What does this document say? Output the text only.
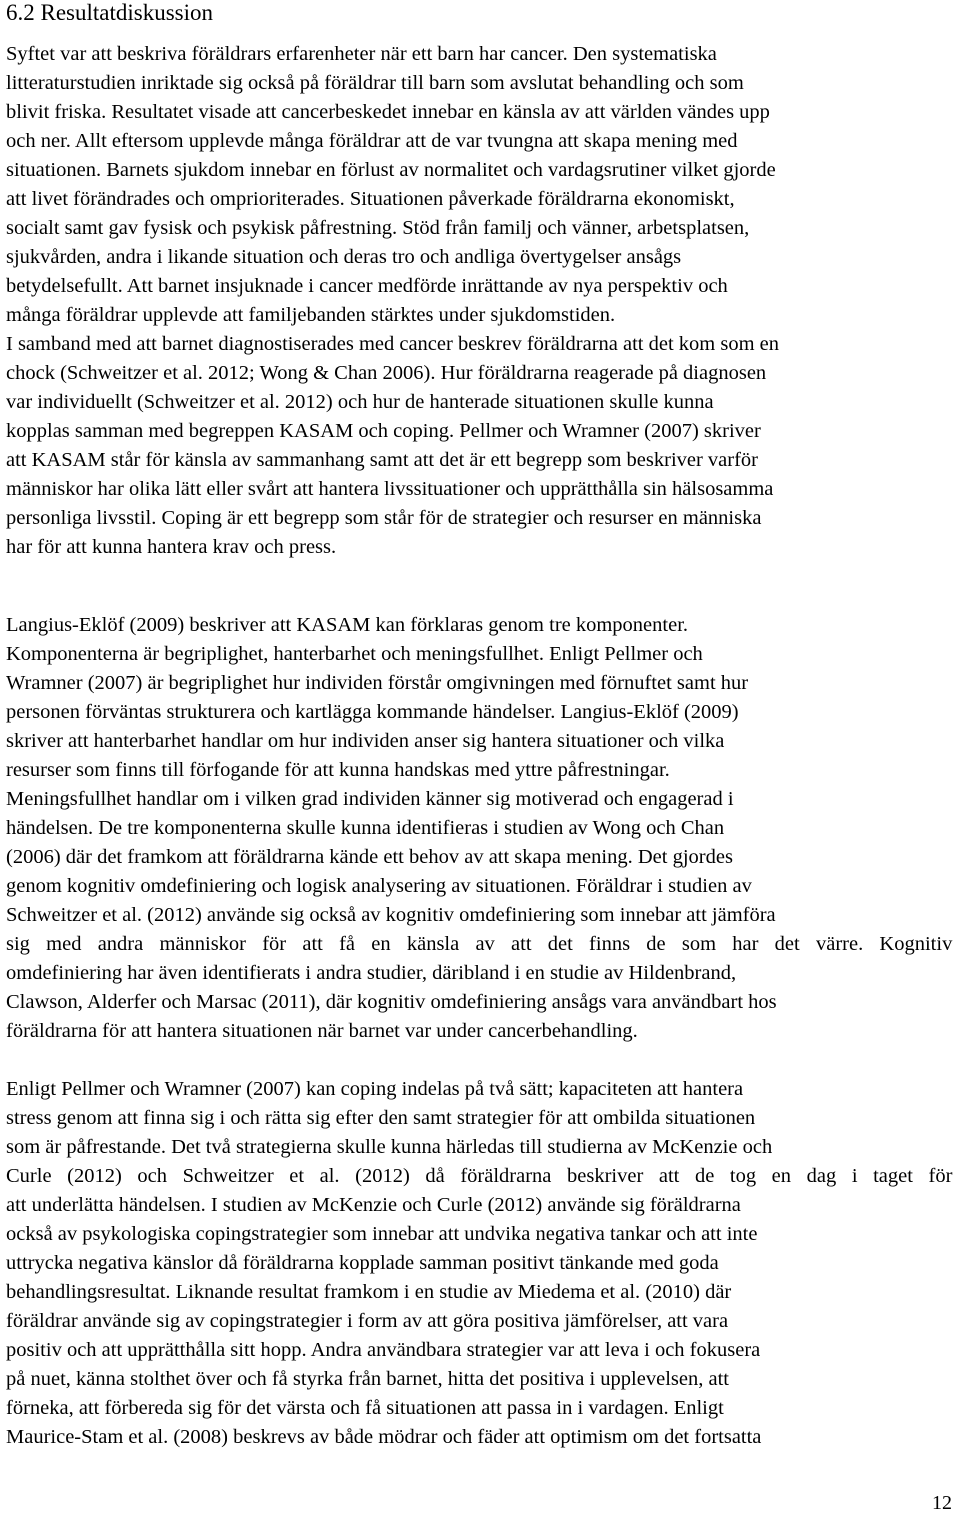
6.2 Resultatdiskussion
Syftet var att beskriva föräldrars erfarenheter när ett barn har cancer. Den systematiska
litteraturstudien inriktade sig också på föräldrar till barn som avslutat behandling och som
blivit friska. Resultatet visade att cancerbeskedet innebar en känsla av att världen vändes upp
och ner. Allt eftersom upplevde många föräldrar att de var tvungna att skapa mening med
situationen. Barnets sjukdom innebar en förlust av normalitet och vardagsrutiner vilket gjorde
att livet förändrades och omprioriterades. Situationen påverkade föräldrarna ekonomiskt,
socialt samt gav fysisk och psykisk påfrestning. Stöd från familj och vänner, arbetsplatsen,
sjukvården, andra i likande situation och deras tro och andliga övertygelser ansågs
betydelsefullt. Att barnet insjuknade i cancer medförde inrättande av nya perspektiv och
många föräldrar upplevde att familjebanden stärktes under sjukdomstiden.
I samband med att barnet diagnostiserades med cancer beskrev föräldrarna att det kom som en
chock (Schweitzer et al. 2012; Wong & Chan 2006). Hur föräldrarna reagerade på diagnosen
var individuellt (Schweitzer et al. 2012) och hur de hanterade situationen skulle kunna
kopplas samman med begreppen KASAM och coping. Pellmer och Wramner (2007) skriver
att KASAM står för känsla av sammanhang samt att det är ett begrepp som beskriver varför
människor har olika lätt eller svårt att hantera livssituationer och upprätthålla sin hälsosamma
personliga livsstil. Coping är ett begrepp som står för de strategier och resurser en människa
har för att kunna hantera krav och press.
Langius-Eklöf (2009) beskriver att KASAM kan förklaras genom tre komponenter.
Komponenterna är begriplighet, hanterbarhet och meningsfullhet. Enligt Pellmer och
Wramner (2007) är begriplighet hur individen förstår omgivningen med förnuftet samt hur
personen förväntas strukturera och kartlägga kommande händelser. Langius-Eklöf (2009)
skriver att hanterbarhet handlar om hur individen anser sig hantera situationer och vilka
resurser som finns till förfogande för att kunna handskas med yttre påfrestningar.
Meningsfullhet handlar om i vilken grad individen känner sig motiverad och engagerad i
händelsen. De tre komponenterna skulle kunna identifieras i studien av Wong och Chan
(2006) där det framkom att föräldrarna kände ett behov av att skapa mening. Det gjordes
genom kognitiv omdefiniering och logisk analysering av situationen. Föräldrar i studien av
Schweitzer et al. (2012) använde sig också av kognitiv omdefiniering som innebar att jämföra
sig med andra människor för att få en känsla av att det finns de som har det värre. Kognitiv
omdefiniering har även identifierats i andra studier, däribland i en studie av Hildenbrand,
Clawson, Alderfer och Marsac (2011), där kognitiv omdefiniering ansågs vara användbart hos
föräldrarna för att hantera situationen när barnet var under cancerbehandling.
Enligt Pellmer och Wramner (2007) kan coping indelas på två sätt; kapaciteten att hantera
stress genom att finna sig i och rätta sig efter den samt strategier för att ombilda situationen
som är påfrestande. Det två strategierna skulle kunna härledas till studierna av McKenzie och
Curle (2012) och Schweitzer et al. (2012) då föräldrarna beskriver att de tog en dag i taget för
att underlätta händelsen. I studien av McKenzie och Curle (2012) använde sig föräldrarna
också av psykologiska copingstrategier som innebar att undvika negativa tankar och att inte
uttrycka negativa känslor då föräldrarna kopplade samman positivt tänkande med goda
behandlingsresultat. Liknande resultat framkom i en studie av Miedema et al. (2010) där
föräldrar använde sig av copingstrategier i form av att göra positiva jämförelser, att vara
positiv och att upprätthålla sitt hopp. Andra användbara strategier var att leva i och fokusera
på nuet, känna stolthet över och få styrka från barnet, hitta det positiva i upplevelsen, att
förneka, att förbereda sig för det värsta och få situationen att passa in i vardagen. Enligt
Maurice-Stam et al. (2008) beskrevs av både mödrar och fäder att optimism om det fortsatta
12
